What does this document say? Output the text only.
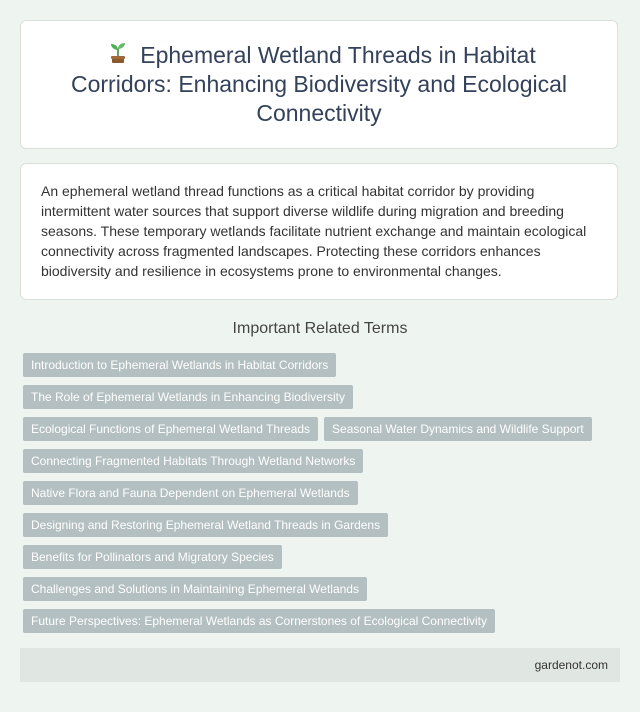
Ephemeral Wetland Threads in Habitat Corridors: Enhancing Biodiversity and Ecological Connectivity

An ephemeral wetland thread functions as a critical habitat corridor by providing intermittent water sources that support diverse wildlife during migration and breeding seasons. These temporary wetlands facilitate nutrient exchange and maintain ecological connectivity across fragmented landscapes. Protecting these corridors enhances biodiversity and resilience in ecosystems prone to environmental changes.

Important Related Terms
Introduction to Ephemeral Wetlands in Habitat Corridors
The Role of Ephemeral Wetlands in Enhancing Biodiversity
Ecological Functions of Ephemeral Wetland Threads Seasonal Water Dynamics and Wildlife Support
Connecting Fragmented Habitats Through Wetland Networks
Native Flora and Fauna Dependent on Ephemeral Wetlands
Designing and Restoring Ephemeral Wetland Threads in Gardens
Benefits for Pollinators and Migratory Species
Challenges and Solutions in Maintaining Ephemeral Wetlands
Future Perspectives: Ephemeral Wetlands as Cornerstones of Ecological Connectivity
gardenot.com
